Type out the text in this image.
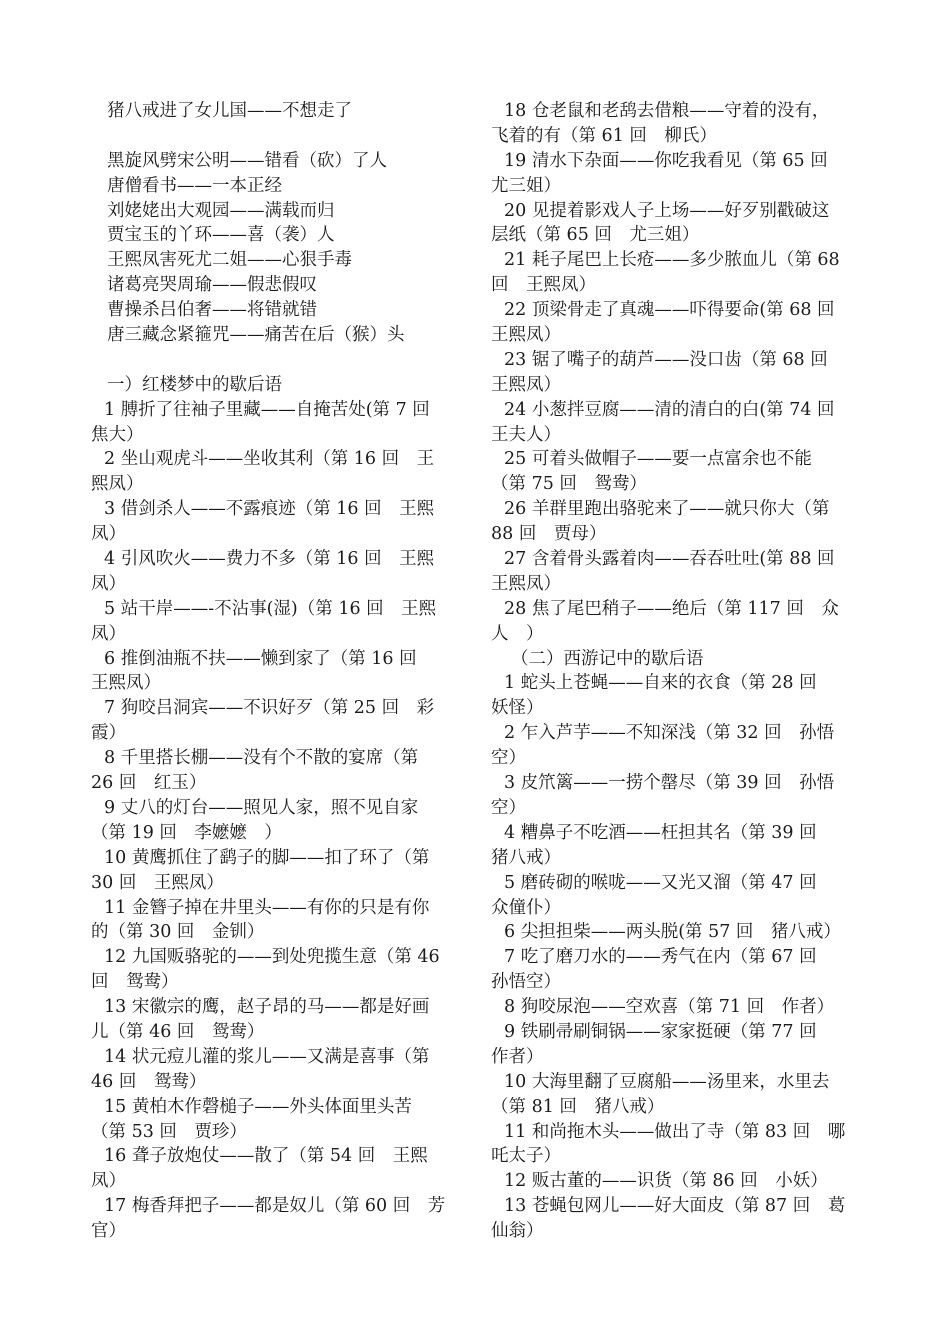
猪八戒进了女儿国——不想走了
黑旋风劈宋公明——错看（砍）了人
唐僧看书——一本正经
刘姥姥出大观园——满载而归
贾宝玉的丫环——喜（袭）人
王熙凤害死尤二姐——心狠手毒
诸葛亮哭周瑜——假悲假叹
曹操杀吕伯奢——将错就错
唐三藏念紧箍咒——痛苦在后（猴）头
一）红楼梦中的歇后语
1 膊折了往袖子里藏——自掩苦处(第 7 回
焦大）
2 坐山观虎斗——坐收其利（第 16 回　王
熙凤）
3 借剑杀人——不露痕迹（第 16 回　王熙
凤）
4 引风吹火——费力不多（第 16 回　王熙
凤）
5 站干岸——-不沾事(湿)（第 16 回　王熙
凤）
6 推倒油瓶不扶——懒到家了（第 16 回
王熙凤）
7 狗咬吕洞宾——不识好歹（第 25 回　彩
霞）
8 千里搭长棚——没有个不散的宴席（第
26 回　红玉）
9 丈八的灯台——照见人家，照不见自家
（第 19 回　李嬷嬷　）
10 黄鹰抓住了鹞子的脚——扣了环了（第
30 回　王熙凤）
11 金簪子掉在井里头——有你的只是有你
的（第 30 回　金钏）
12 九国贩骆驼的——到处兜揽生意（第 46
回　鸳鸯）
13 宋徽宗的鹰，赵子昂的马——都是好画
儿（第 46 回　鸳鸯）
14 状元痘儿灌的浆儿——又满是喜事（第
46 回　鸳鸯）
15 黄柏木作磬槌子——外头体面里头苦
（第 53 回　贾珍）
16 聋子放炮仗——散了（第 54 回　王熙
凤）
17 梅香拜把子——都是奴儿（第 60 回　芳
官）
18 仓老鼠和老鸹去借粮——守着的没有，
飞着的有（第 61 回　柳氏）
19 清水下杂面——你吃我看见（第 65 回
尤三姐）
20 见提着影戏人子上场——好歹别戳破这
层纸（第 65 回　尤三姐）
21 耗子尾巴上长疮——多少脓血儿（第 68
回　王熙凤）
22 顶梁骨走了真魂——吓得要命(第 68 回
王熙凤）
23 锯了嘴子的葫芦——没口齿（第 68 回
王熙凤）
24 小葱拌豆腐——清的清白的白(第 74 回
王夫人）
25 可着头做帽子——要一点富余也不能
（第 75 回　鸳鸯）
26 羊群里跑出骆驼来了——就只你大（第
88 回　贾母）
27 含着骨头露着肉——吞吞吐吐(第 88 回
王熙凤）
28 焦了尾巴稍子——绝后（第 117 回　众
人　）
（二）西游记中的歇后语
1 蛇头上苍蝇——自来的衣食（第 28 回
妖怪）
2 乍入芦芋——不知深浅（第 32 回　孙悟
空）
3 皮笊篱——一捞个罄尽（第 39 回　孙悟
空）
4 糟鼻子不吃酒——枉担其名（第 39 回
猪八戒）
5 磨砖砌的喉咙——又光又溜（第 47 回
众僮仆）
6 尖担担柴——两头脱(第 57 回　猪八戒）
7 吃了磨刀水的——秀气在内（第 67 回
孙悟空）
8 狗咬尿泡——空欢喜（第 71 回　作者）
9 铁刷帚刷铜锅——家家挺硬（第 77 回
作者）
10 大海里翻了豆腐船——汤里来，水里去
（第 81 回　猪八戒）
11 和尚拖木头——做出了寺（第 83 回　哪
吒太子）
12 贩古董的——识货（第 86 回　小妖）
13 苍蝇包网儿——好大面皮（第 87 回　葛
仙翁）
